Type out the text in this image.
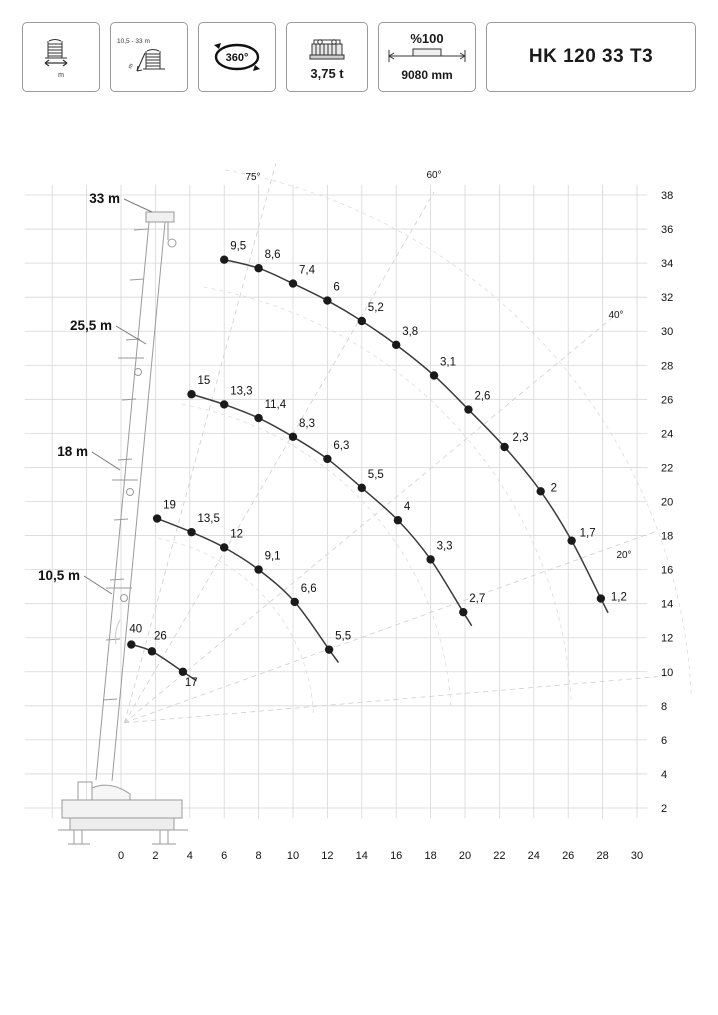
m
10,5 - 33 m
m
360°
3,75 t
%100
9080 mm
HK 120 33 T3
75°	60°
40°
20°
0	2	4	6	8 10 12 14 16 18 20 22 24 26 28 30
2
4
6
8
10
12
14
16
18
20
22
24
26
28
30
32
34
36
38
33 m
25,5 m
18 m
10,5 m
9,5
8,6
7,4
6
5,2
3,8
3,1
2,6
2,3
2
1,7
1,2
15
13,3
11,4
8,3
6,3
5,5
4
3,3
2,7
19
13,5
12
9,1
6,6
5,5
40
26
17
